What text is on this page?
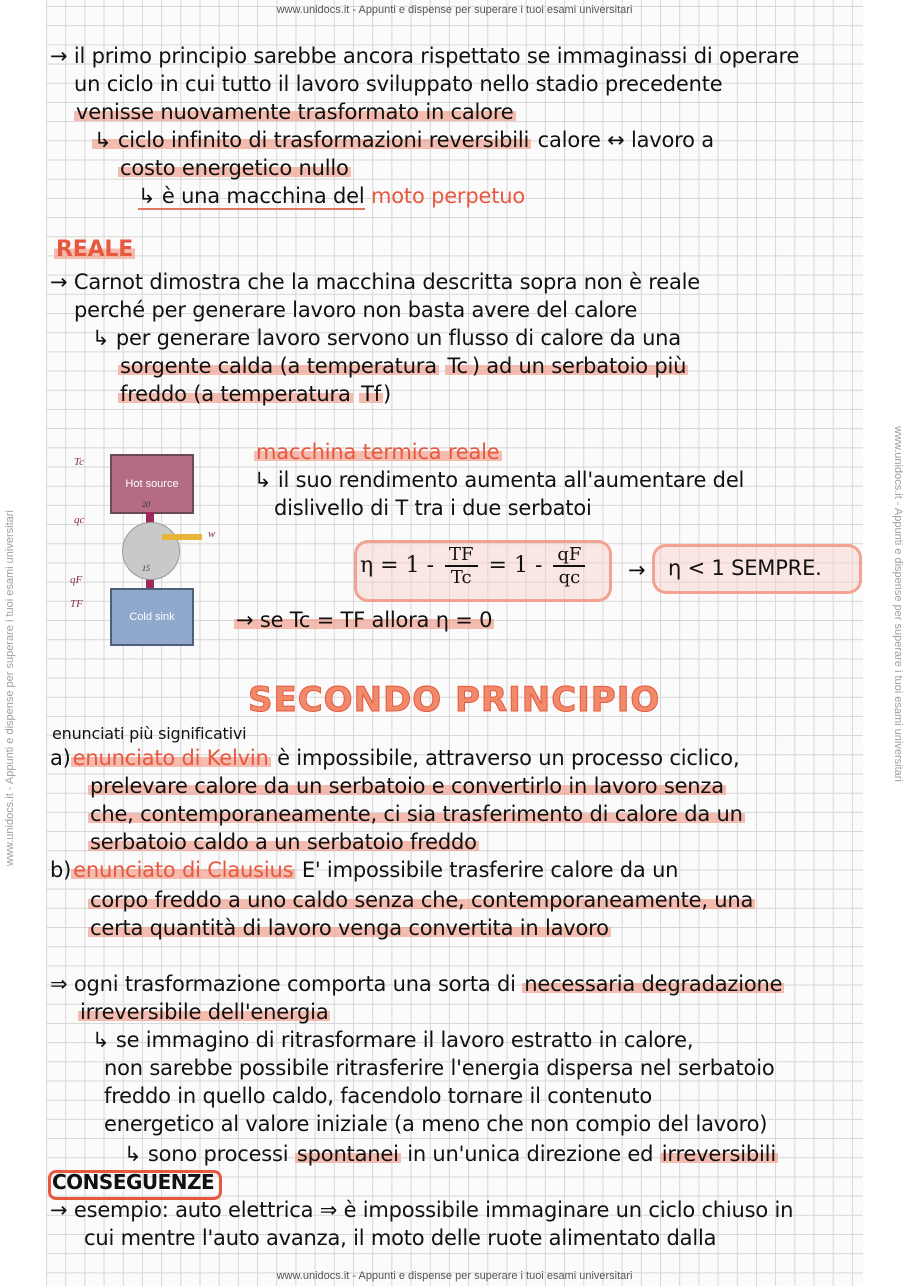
www.unidocs.it - Appunti e dispense per superare i tuoi esami universitari
www.unidocs.it - Appunti e dispense per superare i tuoi esami universitari
www.unidocs.it - Appunti e dispense per superare i tuoi esami universitari	www.unidocs.it - Appunti e dispense per superare i tuoi esami universitari
→ il primo principio sarebbe ancora rispettato se immaginassi di operare
un ciclo in cui tutto il lavoro sviluppato nello stadio precedente
venisse nuovamente trasformato in calore
↳ ciclo infinito di trasformazioni reversibili calore ↔ lavoro a
costo energetico nullo
↳ è una macchina del moto perpetuo
REALE
→ Carnot dimostra che la macchina descritta sopra non è reale
perché per generare lavoro non basta avere del calore
↳ per generare lavoro servono un flusso di calore da una
sorgente calda (a temperatura Tc ) ad un serbatoio più
freddo (a temperatura Tf)
Hot source
Cold sink
Tc
qc
qF
TF
w
20
15
macchina termica reale
↳ il suo rendimento aumenta all'aumentare del
dislivello di T tra i due serbatoi
$\eta = 1 - \frac{TF}{Tc} = 1 - \frac{qF}{qc} \to \eta < 1$ SEMPRE.
→ se Tc = TF allora η = 0
SECONDO PRINCIPIO
enunciati più significativi
a)enunciato di Kelvin è impossibile, attraverso un processo ciclico,
prelevare calore da un serbatoio e convertirlo in lavoro senza
che, contemporaneamente, ci sia trasferimento di calore da un
serbatoio caldo a un serbatoio freddo
b)enunciato di Clausius E' impossibile trasferire calore da un
corpo freddo a uno caldo senza che, contemporaneamente, una
certa quantità di lavoro venga convertita in lavoro
⇒ ogni trasformazione comporta una sorta di necessaria degradazione
irreversibile dell'energia
↳ se immagino di ritrasformare il lavoro estratto in calore,
non sarebbe possibile ritrasferire l'energia dispersa nel serbatoio
freddo in quello caldo, facendolo tornare il contenuto
energetico al valore iniziale (a meno che non compio del lavoro)
↳ sono processi spontanei in un'unica direzione ed irreversibili
CONSEGUENZE
→ esempio: auto elettrica ⇒ è impossibile immaginare un ciclo chiuso in
cui mentre l'auto avanza, il moto delle ruote alimentato dalla
